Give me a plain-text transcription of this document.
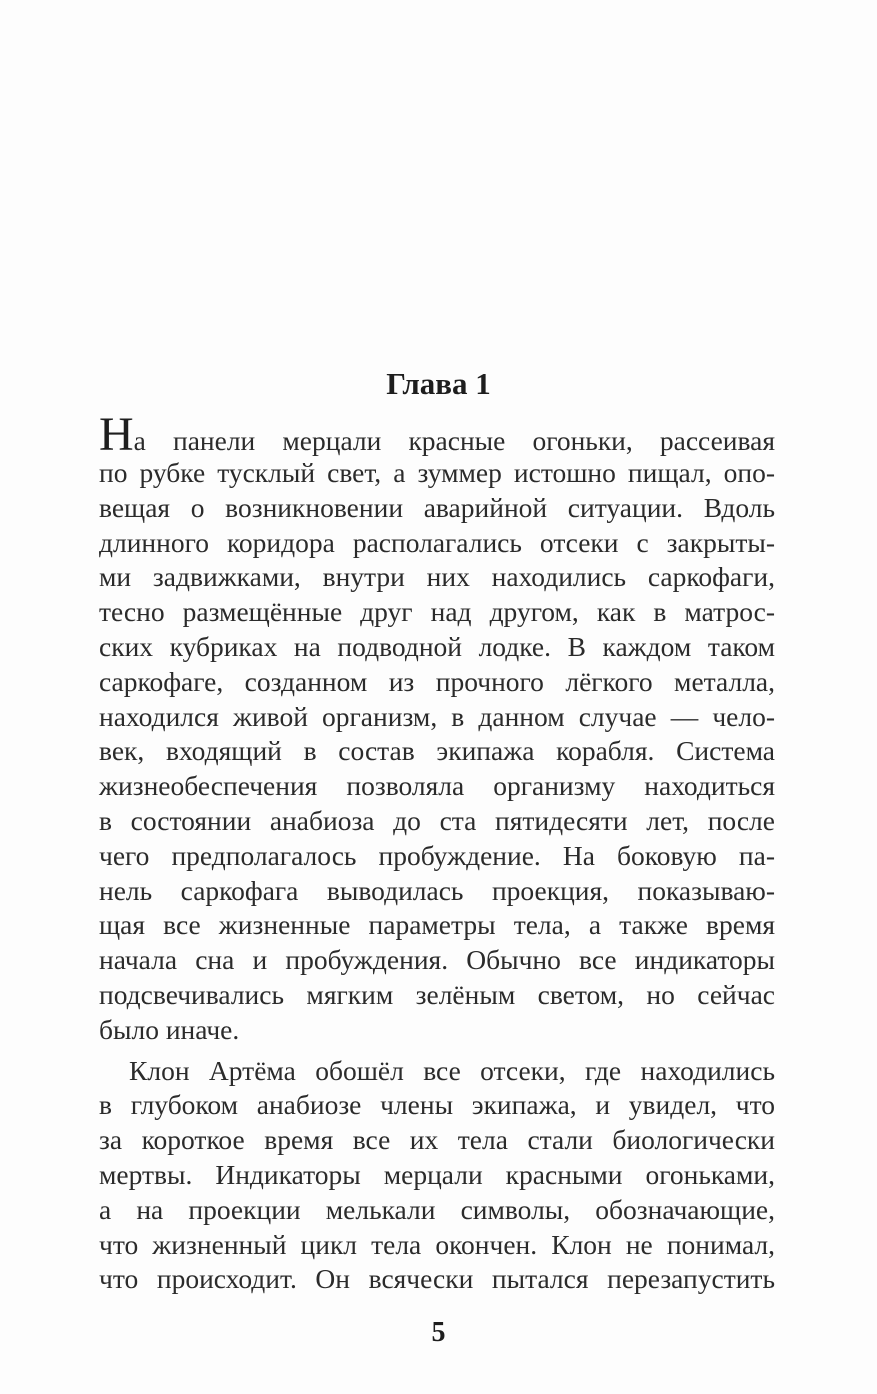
Глава 1
На панели мерцали красные огоньки, рассеивая
по рубке тусклый свет, а зуммер истошно пищал, опо-
вещая о возникновении аварийной ситуации. Вдоль
длинного коридора располагались отсеки с закрыты-
ми задвижками, внутри них находились саркофаги,
тесно размещённые друг над другом, как в матрос-
ских кубриках на подводной лодке. В каждом таком
саркофаге, созданном из прочного лёгкого металла,
находился живой организм, в данном случае — чело-
век, входящий в состав экипажа корабля. Система
жизнеобеспечения позволяла организму находиться
в состоянии анабиоза до ста пятидесяти лет, после
чего предполагалось пробуждение. На боковую па-
нель саркофага выводилась проекция, показываю-
щая все жизненные параметры тела, а также время
начала сна и пробуждения. Обычно все индикаторы
подсвечивались мягким зелёным светом, но сейчас
было иначе.
Клон Артёма обошёл все отсеки, где находились
в глубоком анабиозе члены экипажа, и увидел, что
за короткое время все их тела стали биологически
мертвы. Индикаторы мерцали красными огоньками,
а на проекции мелькали символы, обозначающие,
что жизненный цикл тела окончен. Клон не понимал,
что происходит. Он всячески пытался перезапустить
5
